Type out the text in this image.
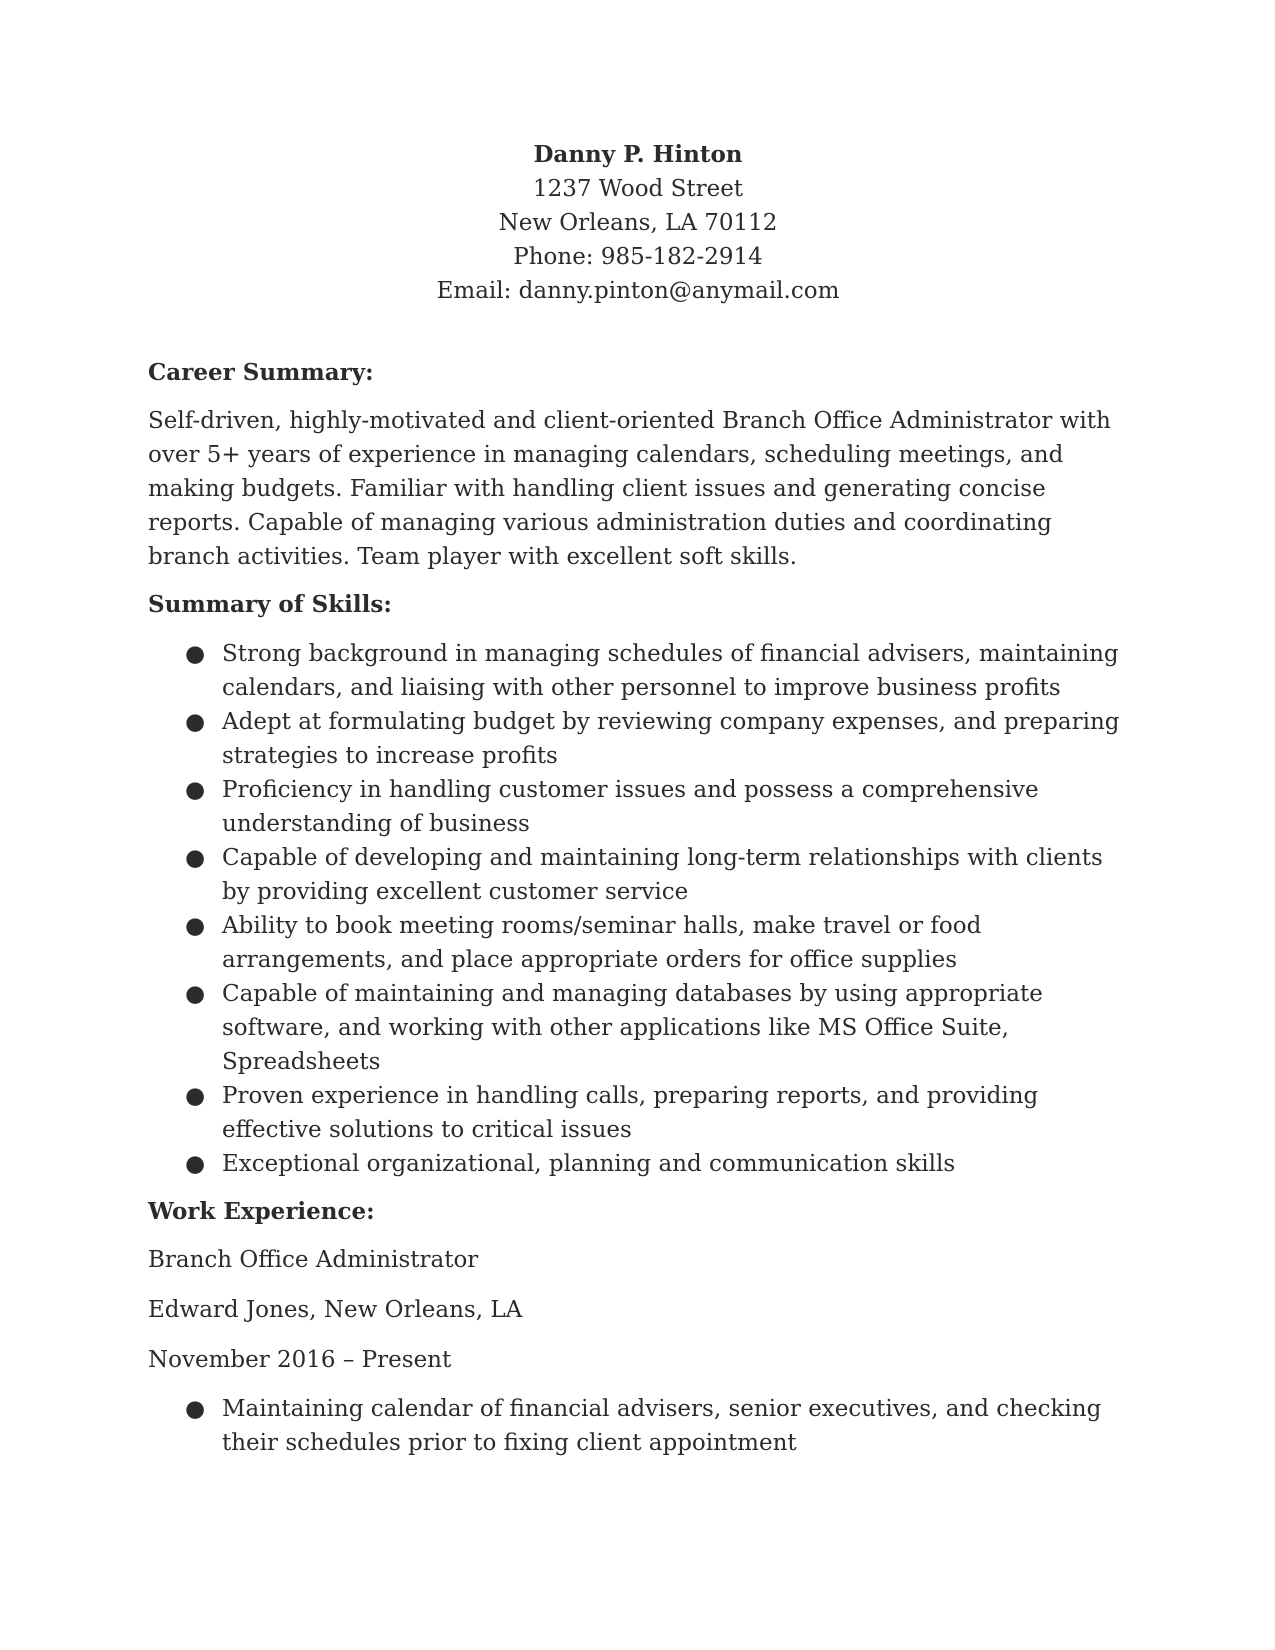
Danny P. Hinton
1237 Wood Street
New Orleans, LA 70112
Phone: 985-182-2914
Email: danny.pinton@anymail.com
Career Summary:
Self-driven, highly-motivated and client-oriented Branch Office Administrator with over 5+ years of experience in managing calendars, scheduling meetings, and making budgets. Familiar with handling client issues and generating concise reports. Capable of managing various administration duties and coordinating branch activities. Team player with excellent soft skills.
Summary of Skills:
● Strong background in managing schedules of financial advisers, maintaining calendars, and liaising with other personnel to improve business profits
● Adept at formulating budget by reviewing company expenses, and preparing strategies to increase profits
● Proficiency in handling customer issues and possess a comprehensive understanding of business
● Capable of developing and maintaining long-term relationships with clients by providing excellent customer service
● Ability to book meeting rooms/seminar halls, make travel or food arrangements, and place appropriate orders for office supplies
● Capable of maintaining and managing databases by using appropriate software, and working with other applications like MS Office Suite, Spreadsheets
● Proven experience in handling calls, preparing reports, and providing effective solutions to critical issues
● Exceptional organizational, planning and communication skills
Work Experience:
Branch Office Administrator
Edward Jones, New Orleans, LA
November 2016 – Present
● Maintaining calendar of financial advisers, senior executives, and checking their schedules prior to fixing client appointment
